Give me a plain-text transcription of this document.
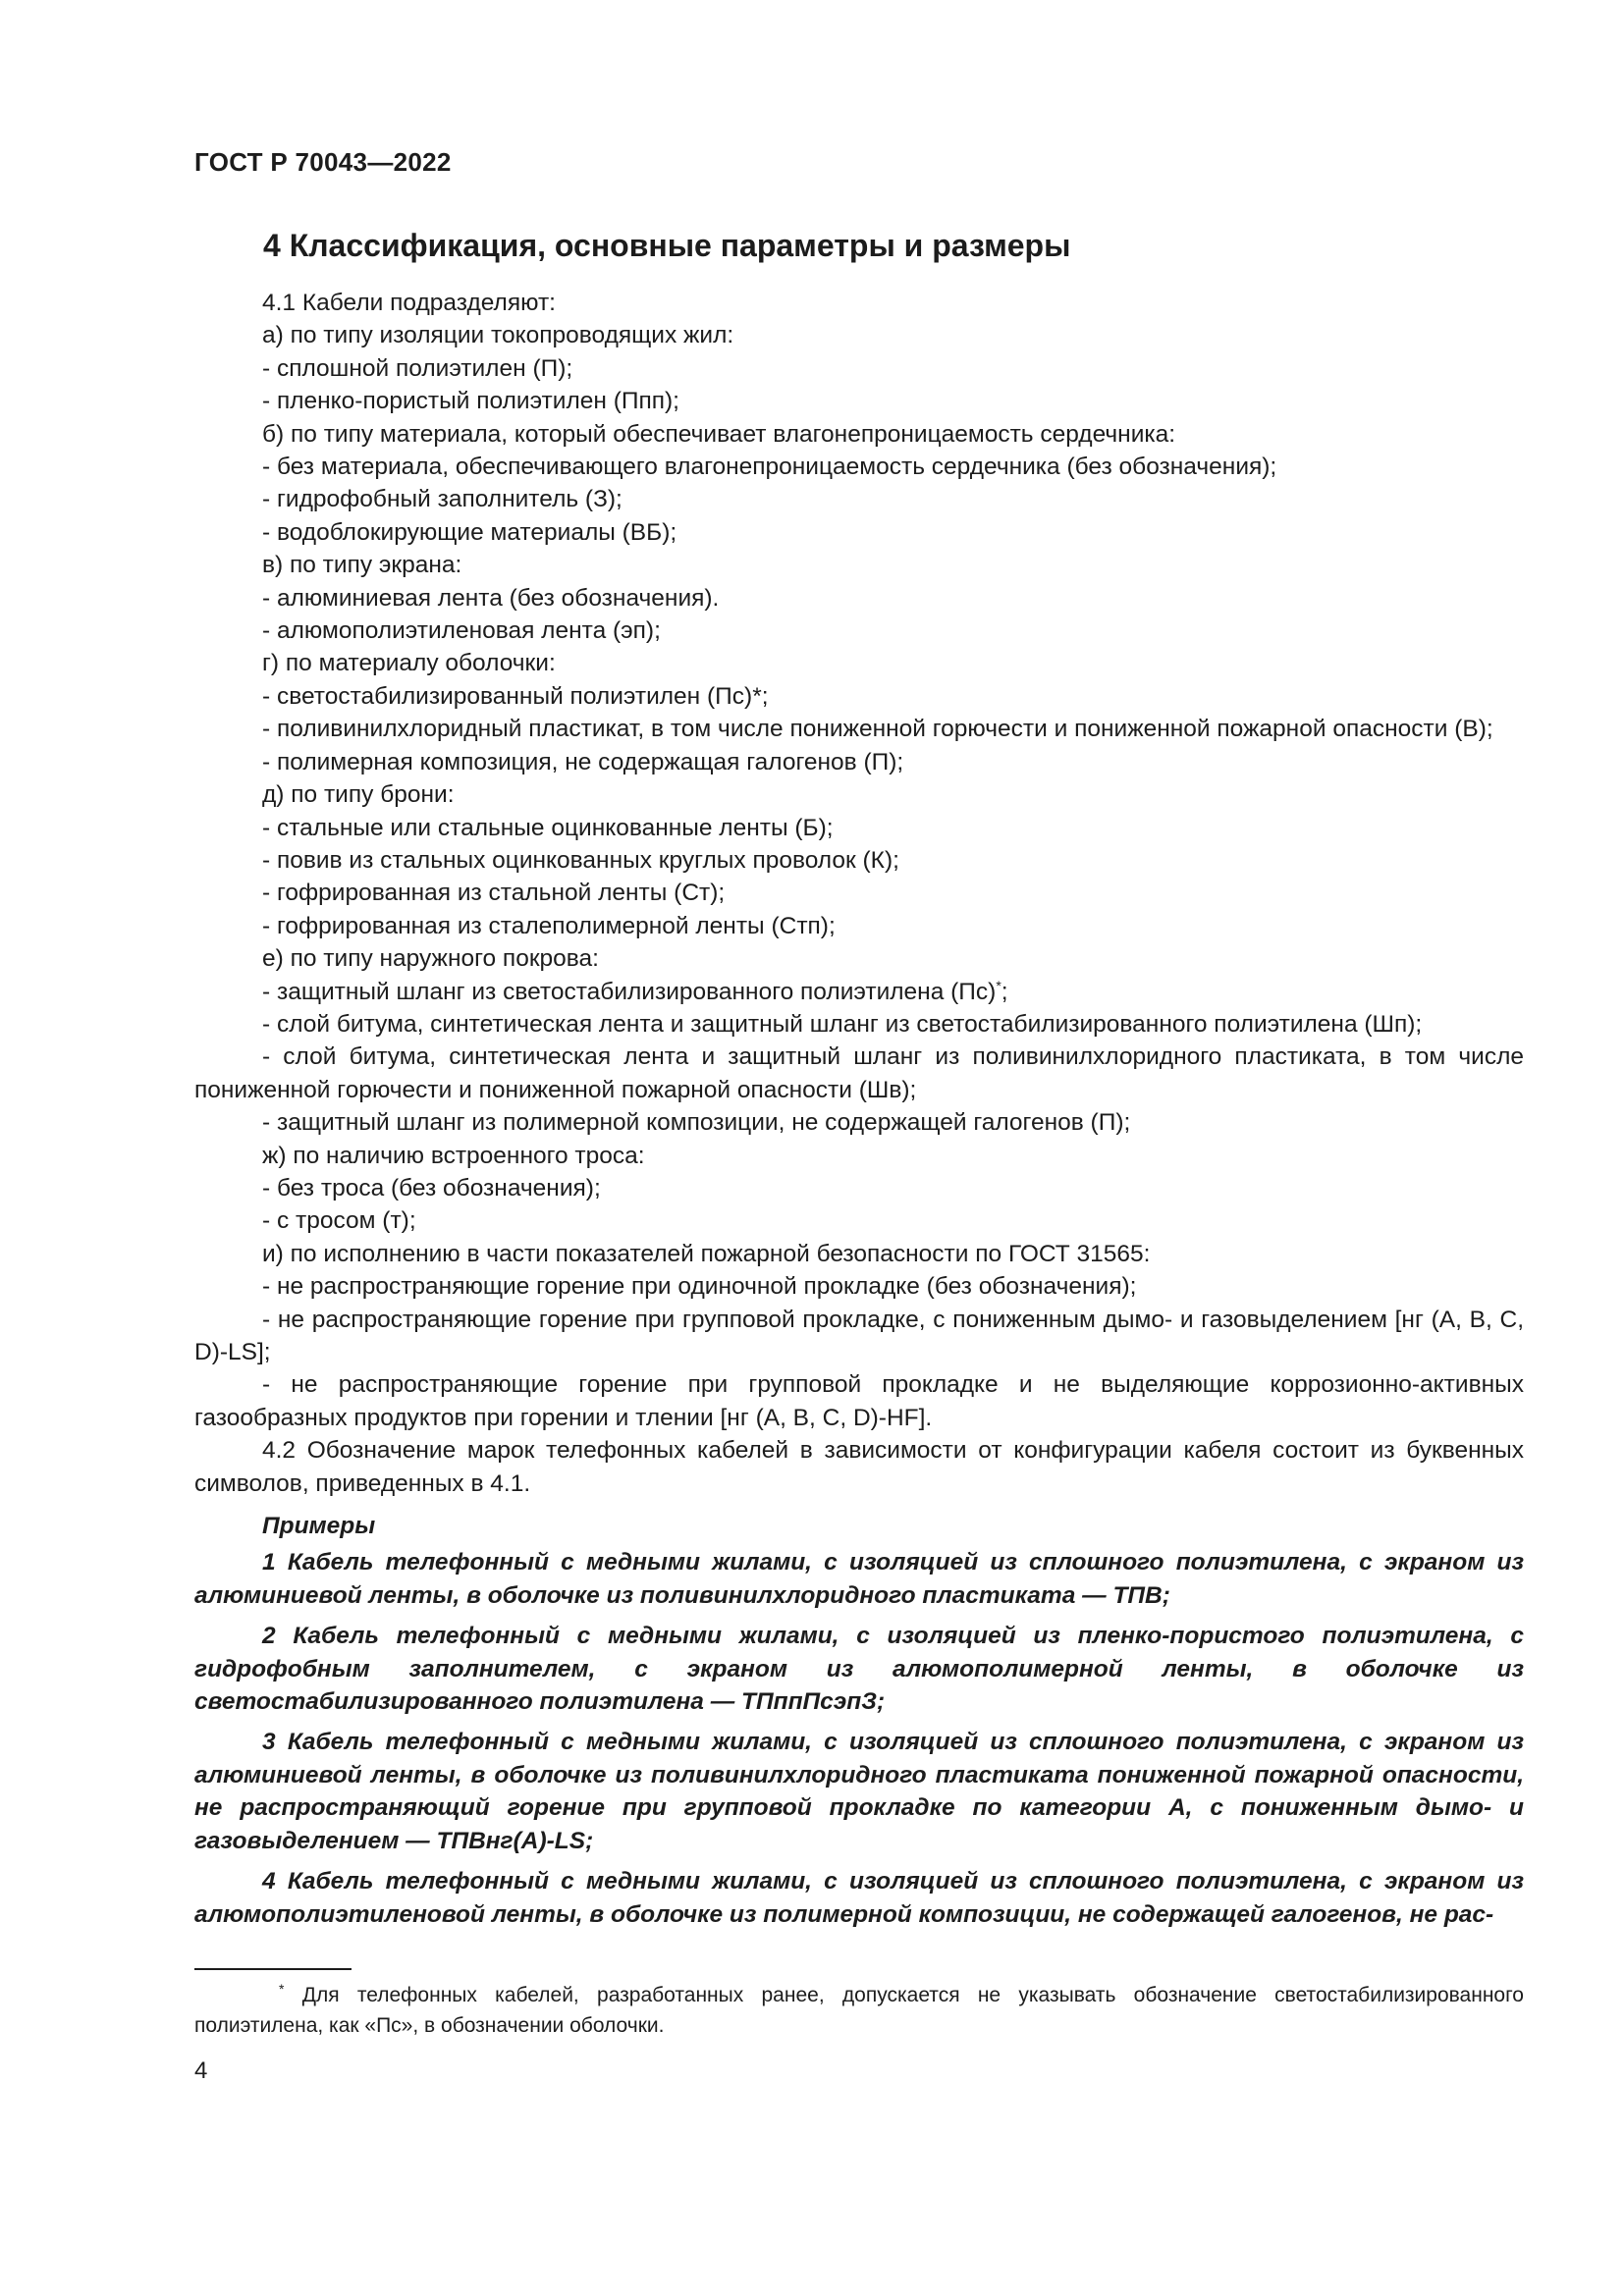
ГОСТ Р 70043—2022
4 Классификация, основные параметры и размеры

4.1 Кабели подразделяют:

а) по типу изоляции токопроводящих жил:

- сплошной полиэтилен (П);

- пленко-пористый полиэтилен (Ппп);

б) по типу материала, который обеспечивает влагонепроницаемость сердечника:

- без материала, обеспечивающего влагонепроницаемость сердечника (без обозначения);

- гидрофобный заполнитель (З);

- водоблокирующие материалы (ВБ);

в) по типу экрана:

- алюминиевая лента (без обозначения).

- алюмополиэтиленовая лента (эп);

г) по материалу оболочки:

- светостабилизированный полиэтилен (Пс)*;

- поливинилхлоридный пластикат, в том числе пониженной горючести и пониженной пожарной опасности (В);

- полимерная композиция, не содержащая галогенов (П);

д) по типу брони:

- стальные или стальные оцинкованные ленты (Б);

- повив из стальных оцинкованных круглых проволок (К);

- гофрированная из стальной ленты (Ст);

- гофрированная из сталеполимерной ленты (Стп);

е) по типу наружного покрова:

- защитный шланг из светостабилизированного полиэтилена (Пс)*;

- слой битума, синтетическая лента и защитный шланг из светостабилизированного полиэтилена (Шп);

- слой битума, синтетическая лента и защитный шланг из поливинилхлоридного пластиката, в том числе пониженной горючести и пониженной пожарной опасности (Шв);

- защитный шланг из полимерной композиции, не содержащей галогенов (П);

ж) по наличию встроенного троса:

- без троса (без обозначения);

- с тросом (т);

и) по исполнению в части показателей пожарной безопасности по ГОСТ 31565:

- не распространяющие горение при одиночной прокладке (без обозначения);

- не распространяющие горение при групповой прокладке, с пониженным дымо- и газовыделением [нг (A, B, C, D)-LS];

- не распространяющие горение при групповой прокладке и не выделяющие коррозионно-активных газообразных продуктов при горении и тлении [нг (A, B, C, D)-HF].

4.2 Обозначение марок телефонных кабелей в зависимости от конфигурации кабеля состоит из буквенных символов, приведенных в 4.1.

Примеры

1 Кабель телефонный с медными жилами, с изоляцией из сплошного полиэтилена, с экраном из алюминиевой ленты, в оболочке из поливинилхлоридного пластиката — ТПВ;

2 Кабель телефонный с медными жилами, с изоляцией из пленко-пористого полиэтилена, с гидрофобным заполнителем, с экраном из алюмополимерной ленты, в оболочке из светостабилизированного полиэтилена — ТПппПсэпЗ;

3 Кабель телефонный с медными жилами, с изоляцией из сплошного полиэтилена, с экраном из алюминиевой ленты, в оболочке из поливинилхлоридного пластиката пониженной пожарной опасности, не распространяющий горение при групповой прокладке по категории А, с пониженным дымо- и газовыделением — ТПВнг(А)-LS;

4 Кабель телефонный с медными жилами, с изоляцией из сплошного полиэтилена, с экраном из алюмополиэтиленовой ленты, в оболочке из полимерной композиции, не содержащей галогенов, не рас-

* Для телефонных кабелей, разработанных ранее, допускается не указывать обозначение светостабилизированного полиэтилена, как «Пс», в обозначении оболочки.

4
